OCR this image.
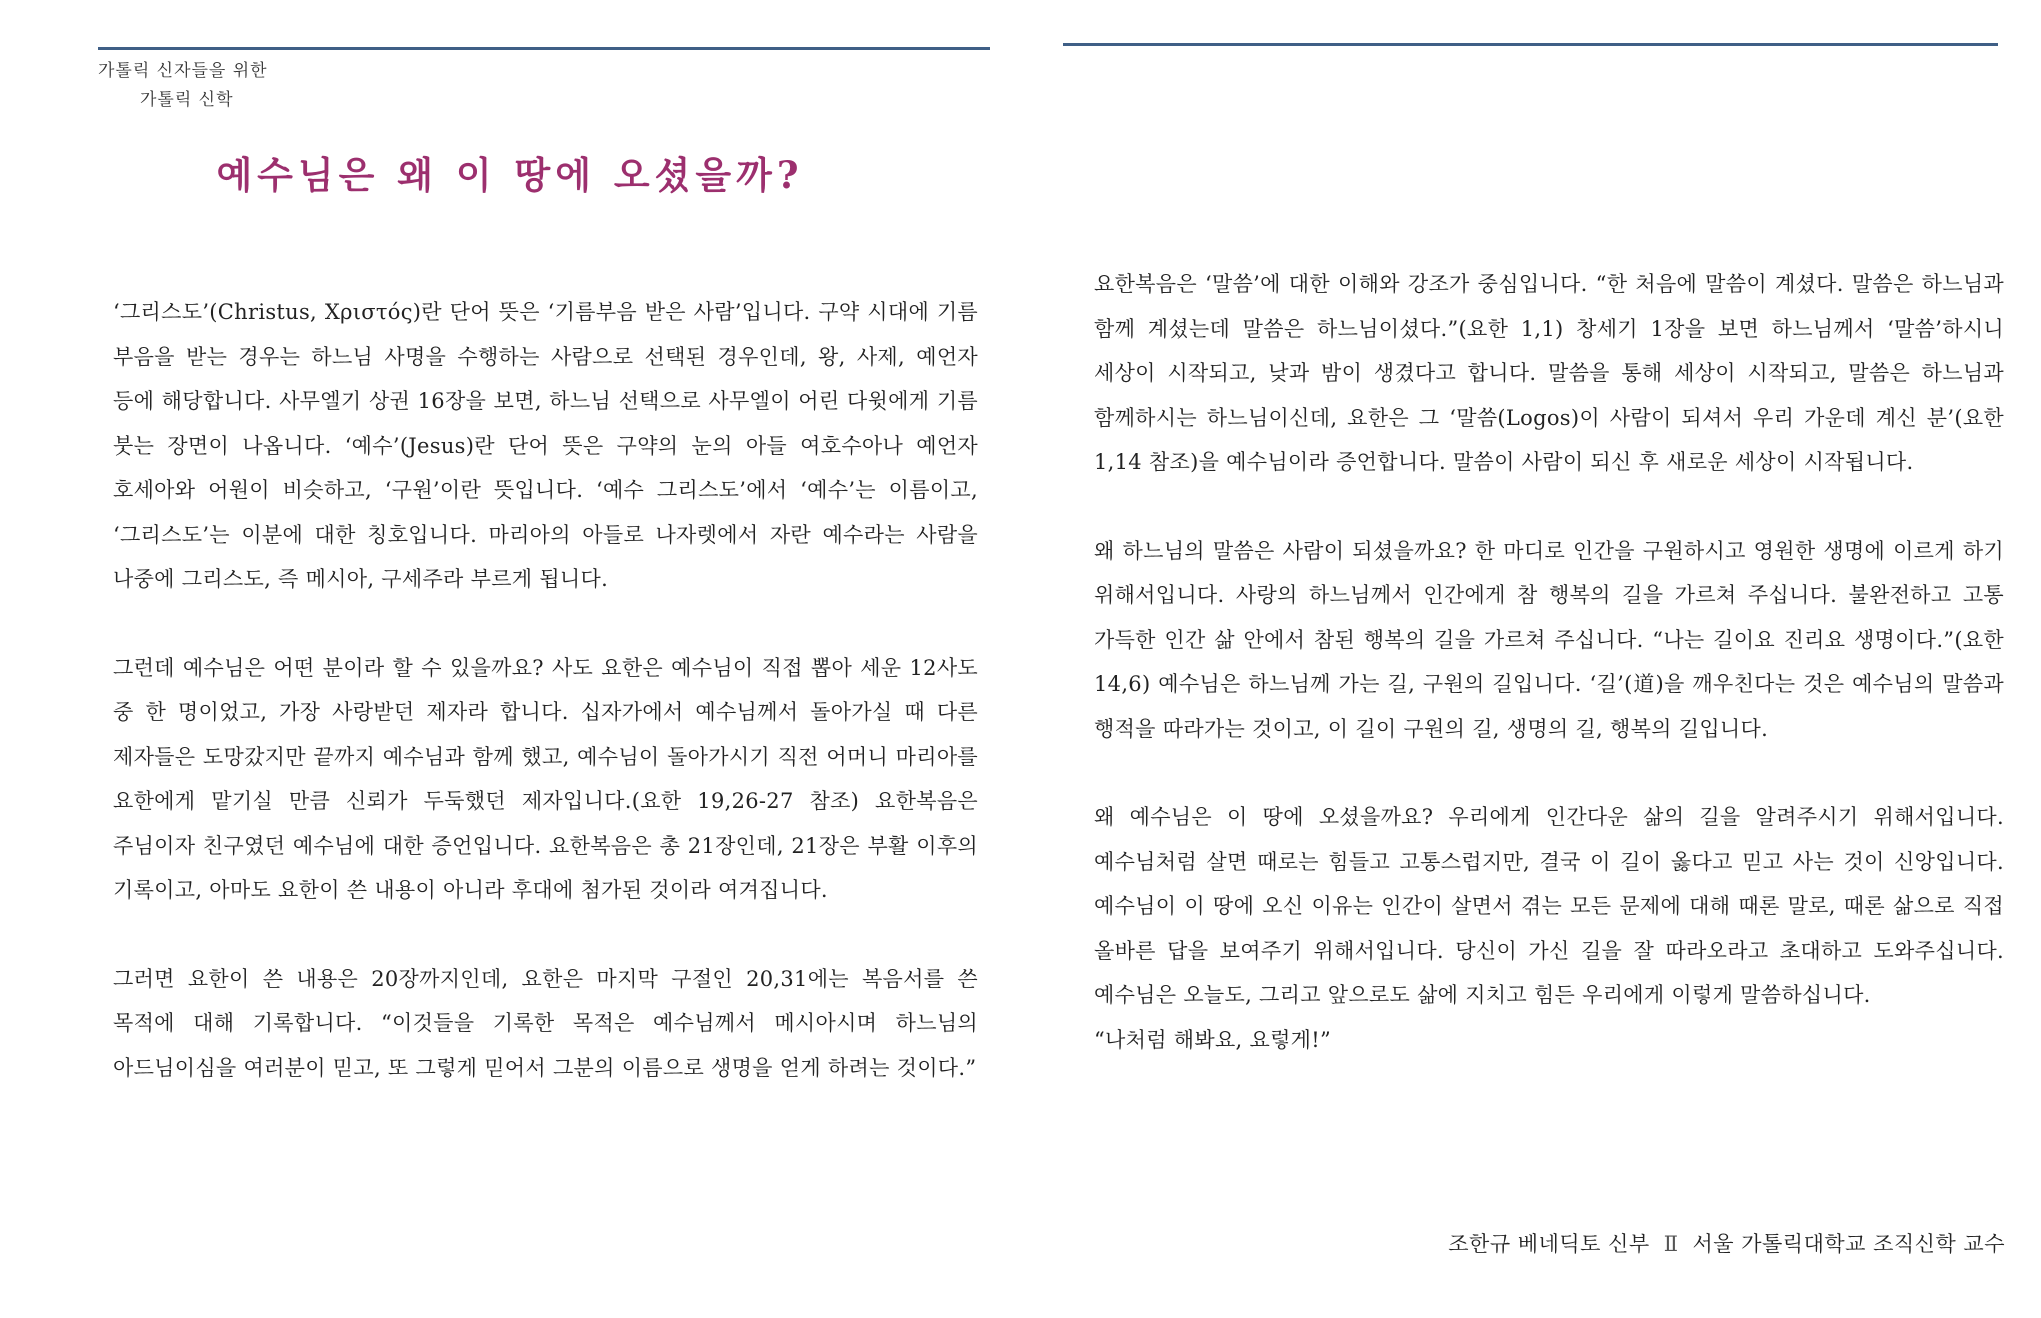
가톨릭 신자들을 위한
가톨릭 신학
예수님은 왜 이 땅에 오셨을까?

‘그리스도’(Christus, Χριστός)란 단어 뜻은 ‘기름부음 받은 사람’입니다. 구약 시대에 기름 부음을 받는 경우는 하느님 사명을 수행하는 사람으로 선택된 경우인데, 왕, 사제, 예언자 등에 해당합니다. 사무엘기 상권 16장을 보면, 하느님 선택으로 사무엘이 어린 다윗에게 기름 붓는 장면이 나옵니다. ‘예수’(Jesus)란 단어 뜻은 구약의 눈의 아들 여호수아나 예언자 호세아와 어원이 비슷하고, ‘구원’이란 뜻입니다. ‘예수 그리스도’에서 ‘예수’는 이름이고, ‘그리스도’는 이분에 대한 칭호입니다. 마리아의 아들로 나자렛에서 자란 예수라는 사람을 나중에 그리스도, 즉 메시아, 구세주라 부르게 됩니다.

그런데 예수님은 어떤 분이라 할 수 있을까요? 사도 요한은 예수님이 직접 뽑아 세운 12사도 중 한 명이었고, 가장 사랑받던 제자라 합니다. 십자가에서 예수님께서 돌아가실 때 다른 제자들은 도망갔지만 끝까지 예수님과 함께 했고, 예수님이 돌아가시기 직전 어머니 마리아를 요한에게 맡기실 만큼 신뢰가 두둑했던 제자입니다.(요한 19,26-27 참조) 요한복음은 주님이자 친구였던 예수님에 대한 증언입니다. 요한복음은 총 21장인데, 21장은 부활 이후의 기록이고, 아마도 요한이 쓴 내용이 아니라 후대에 첨가된 것이라 여겨집니다.

그러면 요한이 쓴 내용은 20장까지인데, 요한은 마지막 구절인 20,31에는 복음서를 쓴 목적에 대해 기록합니다. “이것들을 기록한 목적은 예수님께서 메시아시며 하느님의 아드님이심을 여러분이 믿고, 또 그렇게 믿어서 그분의 이름으로 생명을 얻게 하려는 것이다.”

요한복음은 ‘말씀’에 대한 이해와 강조가 중심입니다. “한 처음에 말씀이 계셨다. 말씀은 하느님과 함께 계셨는데 말씀은 하느님이셨다.”(요한 1,1) 창세기 1장을 보면 하느님께서 ‘말씀’하시니 세상이 시작되고, 낮과 밤이 생겼다고 합니다. 말씀을 통해 세상이 시작되고, 말씀은 하느님과 함께하시는 하느님이신데, 요한은 그 ‘말씀(Logos)이 사람이 되셔서 우리 가운데 계신 분’(요한 1,14 참조)을 예수님이라 증언합니다. 말씀이 사람이 되신 후 새로운 세상이 시작됩니다.

왜 하느님의 말씀은 사람이 되셨을까요? 한 마디로 인간을 구원하시고 영원한 생명에 이르게 하기 위해서입니다. 사랑의 하느님께서 인간에게 참 행복의 길을 가르쳐 주십니다. 불완전하고 고통 가득한 인간 삶 안에서 참된 행복의 길을 가르쳐 주십니다. “나는 길이요 진리요 생명이다.”(요한 14,6) 예수님은 하느님께 가는 길, 구원의 길입니다. ‘길’(道)을 깨우친다는 것은 예수님의 말씀과 행적을 따라가는 것이고, 이 길이 구원의 길, 생명의 길, 행복의 길입니다.

왜 예수님은 이 땅에 오셨을까요? 우리에게 인간다운 삶의 길을 알려주시기 위해서입니다. 예수님처럼 살면 때로는 힘들고 고통스럽지만, 결국 이 길이 옳다고 믿고 사는 것이 신앙입니다. 예수님이 이 땅에 오신 이유는 인간이 살면서 겪는 모든 문제에 대해 때론 말로, 때론 삶으로 직접 올바른 답을 보여주기 위해서입니다. 당신이 가신 길을 잘 따라오라고 초대하고 도와주십니다. 예수님은 오늘도, 그리고 앞으로도 삶에 지치고 힘든 우리에게 이렇게 말씀하십니다.

“나처럼 해봐요, 요렇게!”

조한규 베네딕토 신부 Ⅱ 서울 가톨릭대학교 조직신학 교수
